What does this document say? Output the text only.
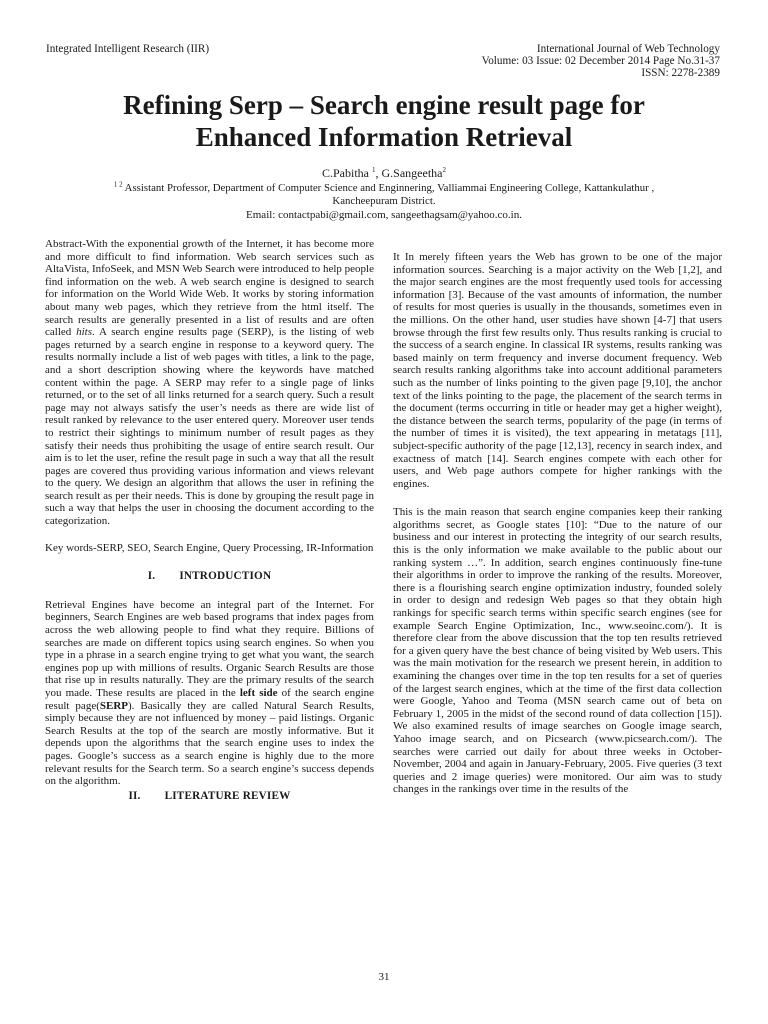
Integrated Intelligent Research (IIR)	International Journal of Web Technology
Volume: 03 Issue: 02 December 2014 Page No.31-37
ISSN: 2278-2389
Refining Serp – Search engine result page for
Enhanced Information Retrieval
C.Pabitha $^1$, G.Sangeetha$^2$
$^{1 2}$ Assistant Professor, Department of Computer Science and Enginnering, Valliammai Engineering College, Kattankulathur ,
Kancheepuram District.
Email: contactpabi@gmail.com, sangeethagsam@yahoo.co.in.

Abstract-With the exponential growth of the Internet, it has become more and more difficult to find information. Web search services such as AltaVista, InfoSeek, and MSN Web Search were introduced to help people find information on the web. A web search engine is designed to search for information on the World Wide Web. It works by storing information about many web pages, which they retrieve from the html itself. The search results are generally presented in a list of results and are often called hits. A search engine results page (SERP), is the listing of web pages returned by a search engine in response to a keyword query. The results normally include a list of web pages with titles, a link to the page, and a short description showing where the keywords have matched content within the page. A SERP may refer to a single page of links returned, or to the set of all links returned for a search query. Such a result page may not always satisfy the user’s needs as there are wide list of result ranked by relevance to the user entered query. Moreover user tends to restrict their sightings to minimum number of result pages as they satisfy their needs thus prohibiting the usage of entire search result. Our aim is to let the user, refine the result page in such a way that all the result pages are covered thus providing various information and views relevant to the query. We design an algorithm that allows the user in refining the search result as per their needs. This is done by grouping the result page in such a way that helps the user in choosing the document according to the categorization.

Key words-SERP, SEO, Search Engine, Query Processing, IR-Information

I. INTRODUCTION

Retrieval Engines have become an integral part of the Internet. For beginners, Search Engines are web based programs that index pages from across the web allowing people to find what they require. Billions of searches are made on different topics using search engines. So when you type in a phrase in a search engine trying to get what you want, the search engines pop up with millions of results. Organic Search Results are those that rise up in results naturally. They are the primary results of the search you made. These results are placed in the left side of the search engine result page(SERP). Basically they are called Natural Search Results, simply because they are not influenced by money – paid listings. Organic Search Results at the top of the search are mostly informative. But it depends upon the algorithms that the search engine uses to index the pages. Google’s success as a search engine is highly due to the more relevant results for the Search term. So a search engine’s success depends on the algorithm.

II. LITERATURE REVIEW

It In merely fifteen years the Web has grown to be one of the major information sources. Searching is a major activity on the Web [1,2], and the major search engines are the most frequently used tools for accessing information [3]. Because of the vast amounts of information, the number of results for most queries is usually in the thousands, sometimes even in the millions. On the other hand, user studies have shown [4-7] that users browse through the first few results only. Thus results ranking is crucial to the success of a search engine. In classical IR systems, results ranking was based mainly on term frequency and inverse document frequency. Web search results ranking algorithms take into account additional parameters such as the number of links pointing to the given page [9,10], the anchor text of the links pointing to the page, the placement of the search terms in the document (terms occurring in title or header may get a higher weight), the distance between the search terms, popularity of the page (in terms of the number of times it is visited), the text appearing in metatags [11], subject-specific authority of the page [12,13], recency in search index, and exactness of match [14]. Search engines compete with each other for users, and Web page authors compete for higher rankings with the engines.

This is the main reason that search engine companies keep their ranking algorithms secret, as Google states [10]: “Due to the nature of our business and our interest in protecting the integrity of our search results, this is the only information we make available to the public about our ranking system …”. In addition, search engines continuously fine-tune their algorithms in order to improve the ranking of the results. Moreover, there is a flourishing search engine optimization industry, founded solely in order to design and redesign Web pages so that they obtain high rankings for specific search terms within specific search engines (see for example Search Engine Optimization, Inc., www.seoinc.com/). It is therefore clear from the above discussion that the top ten results retrieved for a given query have the best chance of being visited by Web users. This was the main motivation for the research we present herein, in addition to examining the changes over time in the top ten results for a set of queries of the largest search engines, which at the time of the first data collection were Google, Yahoo and Teoma (MSN search came out of beta on February 1, 2005 in the midst of the second round of data collection [15]). We also examined results of image searches on Google image search, Yahoo image search, and on Picsearch (www.picsearch.com/). The searches were carried out daily for about three weeks in October-November, 2004 and again in January-February, 2005. Five queries (3 text queries and 2 image queries) were monitored. Our aim was to study changes in the rankings over time in the results of the

31
